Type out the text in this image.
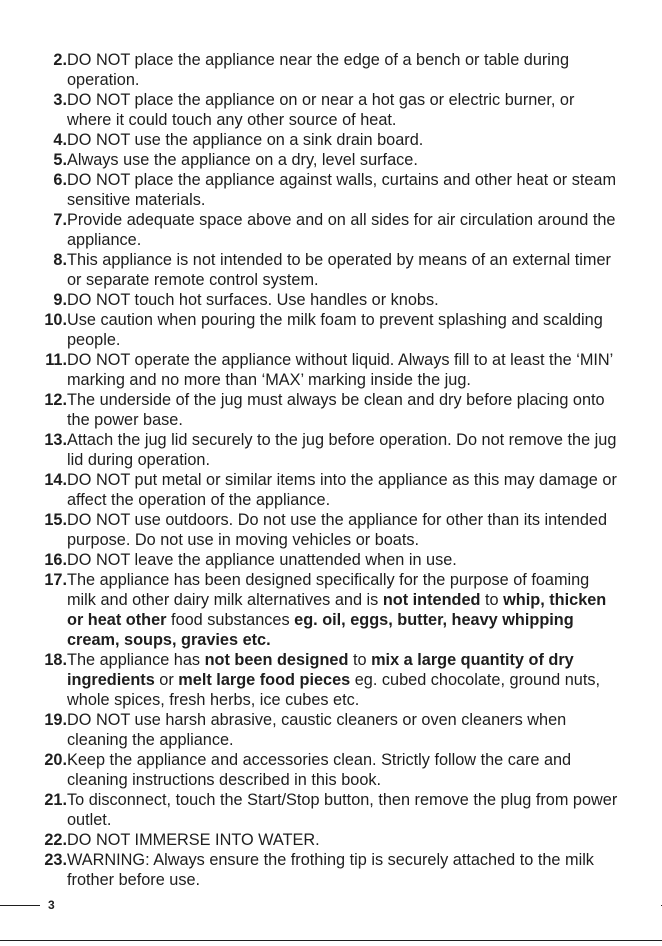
2. DO NOT place the appliance near the edge of a bench or table during operation.
3. DO NOT place the appliance on or near a hot gas or electric burner, or where it could touch any other source of heat.
4. DO NOT use the appliance on a sink drain board.
5. Always use the appliance on a dry, level surface.
6. DO NOT place the appliance against walls, curtains and other heat or steam sensitive materials.
7. Provide adequate space above and on all sides for air circulation around the appliance.
8. This appliance is not intended to be operated by means of an external timer or separate remote control system.
9. DO NOT touch hot surfaces. Use handles or knobs.
10. Use caution when pouring the milk foam to prevent splashing and scalding people.
11. DO NOT operate the appliance without liquid. Always fill to at least the ‘MIN’ marking and no more than ‘MAX’ marking inside the jug.
12. The underside of the jug must always be clean and dry before placing onto the power base.
13. Attach the jug lid securely to the jug before operation. Do not remove the jug lid during operation.
14. DO NOT put metal or similar items into the appliance as this may damage or affect the operation of the appliance.
15. DO NOT use outdoors. Do not use the appliance for other than its intended purpose. Do not use in moving vehicles or boats.
16. DO NOT leave the appliance unattended when in use.
17. The appliance has been designed specifically for the purpose of foaming milk and other dairy milk alternatives and is not intended to whip, thicken or heat other food substances eg. oil, eggs, butter, heavy whipping cream, soups, gravies etc.
18. The appliance has not been designed to mix a large quantity of dry ingredients or melt large food pieces eg. cubed chocolate, ground nuts, whole spices, fresh herbs, ice cubes etc.
19. DO NOT use harsh abrasive, caustic cleaners or oven cleaners when cleaning the appliance.
20. Keep the appliance and accessories clean. Strictly follow the care and cleaning instructions described in this book.
21. To disconnect, touch the Start/Stop button, then remove the plug from power outlet.
22. DO NOT IMMERSE INTO WATER.
23. WARNING: Always ensure the frothing tip is securely attached to the milk frother before use.
3
